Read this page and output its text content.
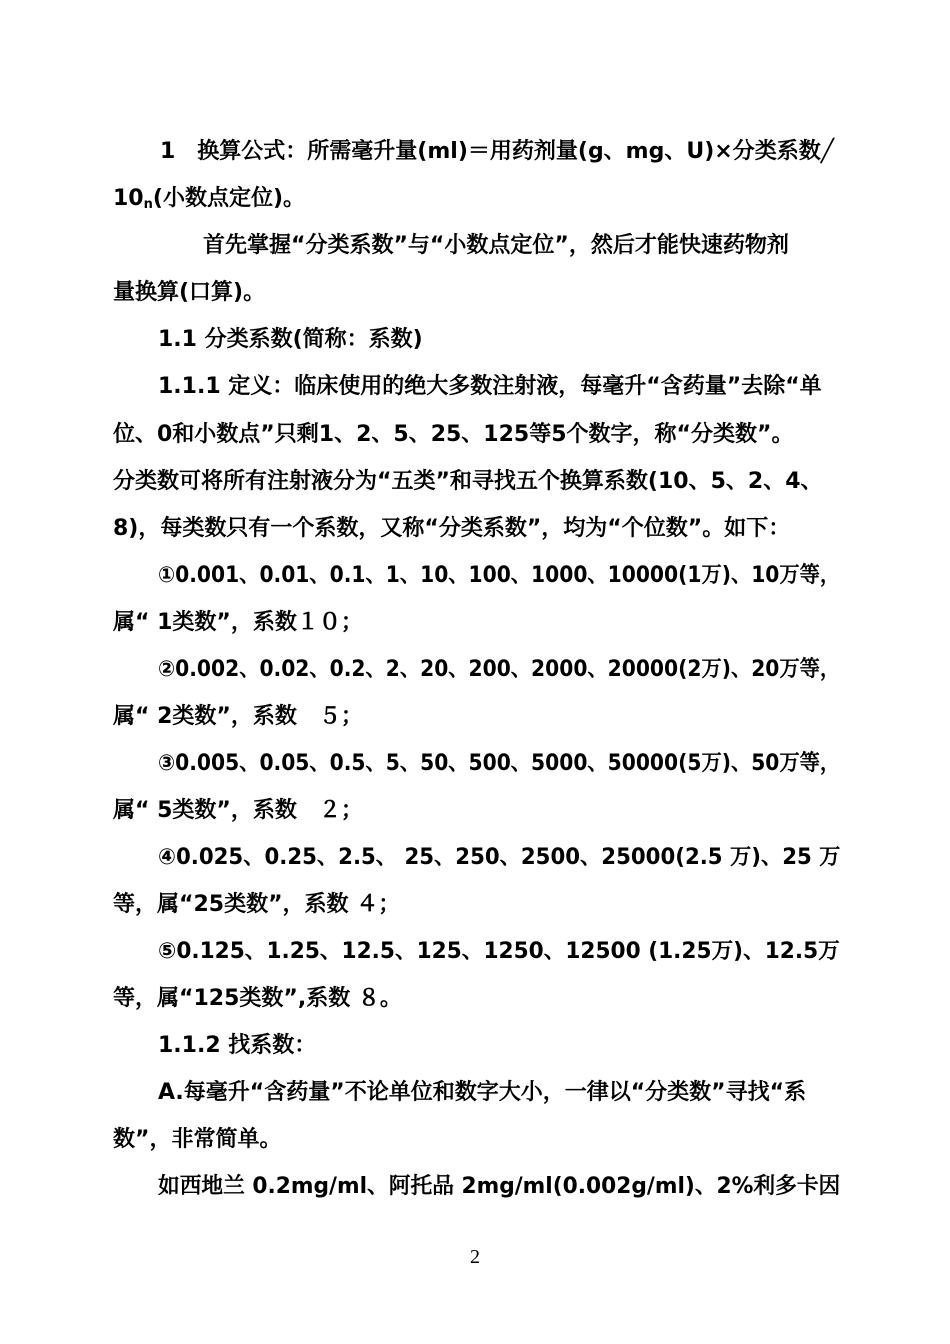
1　换算公式：所需毫升量(ml)＝用药剂量(g、mg、U)×分类系数╱
$10_n$(小数点定位)。
首先掌握“分类系数”与“小数点定位”，然后才能快速药物剂
量换算(口算)。
1.1 分类系数(简称：系数)
1.1.1 定义：临床使用的绝大多数注射液，每毫升“含药量”去除“单
位、0和小数点”只剩1、2、5、25、125等5个数字，称“分类数”。
分类数可将所有注射液分为“五类”和寻找五个换算系数(10、5、2、4、
8)，每类数只有一个系数，又称“分类系数”，均为“个位数”。如下：
①0.001、0.01、0.1、1、10、100、1000、10000(1万)、10万等，
属“ 1类数”，系数１０；
②0.002、0.02、0.2、2、20、200、2000、20000(2万)、20万等，
属“ 2类数”，系数　５；
③0.005、0.05、0.5、5、50、500、5000、50000(5万)、50万等，
属“ 5类数”，系数　２；
④0.025、0.25、2.5、 25、250、2500、25000(2.5 万)、25 万
等，属“25类数”，系数 ４；
⑤0.125、1.25、12.5、125、1250、12500 (1.25万)、12.5万
等，属“125类数”,系数 ８。
1.1.2 找系数：
A.每毫升“含药量”不论单位和数字大小，一律以“分类数”寻找“系
数”，非常简单。
如西地兰 0.2mg/ml、阿托品 2mg/ml(0.002g/ml)、2%利多卡因
2
